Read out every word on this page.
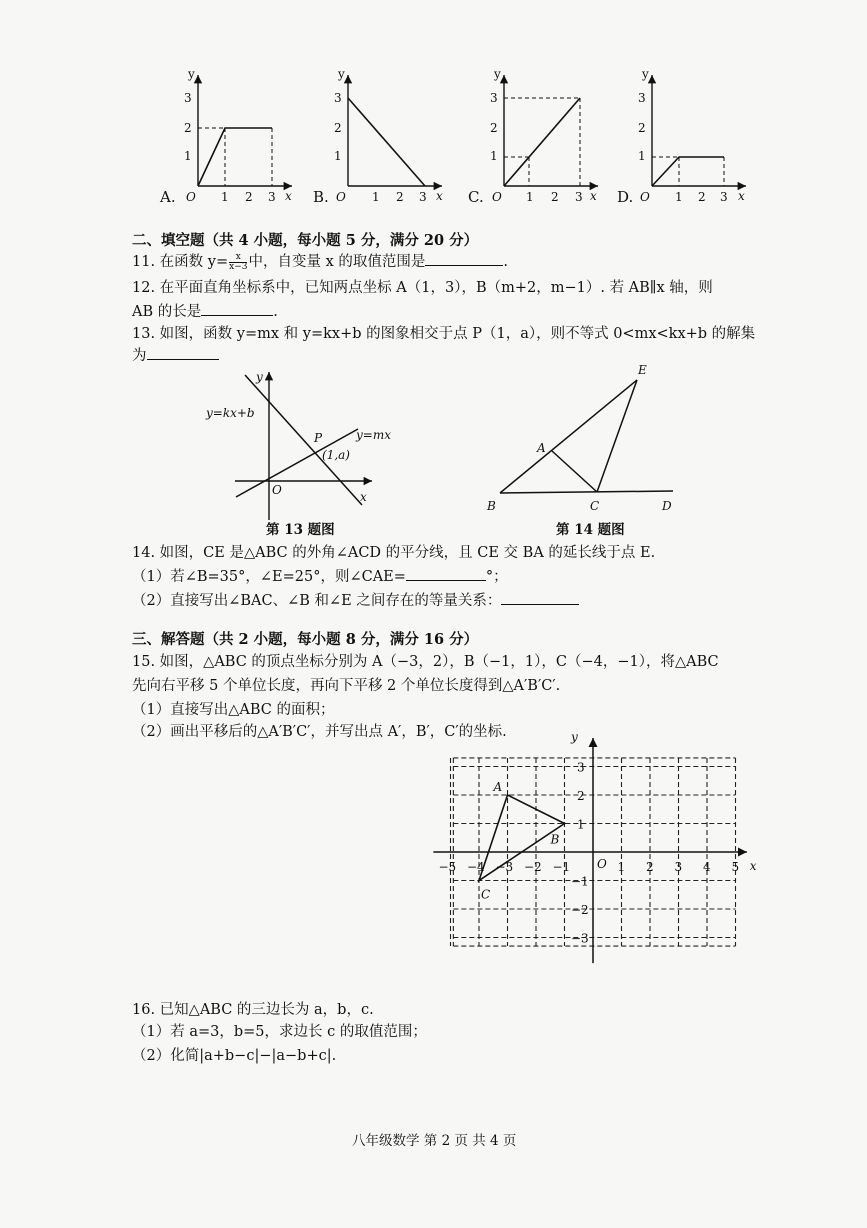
y
3
2
1
O 1 2 3 x
y
3
2
1
O 1 2 3 x
y
3
2
1
O 1 2 3 x
y
3
2
1
O 1 2 3 x
A.	B.	C.	D.
二、填空题（共 4 小题，每小题 5 分，满分 20 分）
11. 在函数 $y= \frac{x}{x-3}$ 中，自变量 x 的取值范围是	.
12. 在平面直角坐标系中，已知两点坐标 A（1，3），B（m+2，m−1）. 若 AB∥x 轴，则
AB 的长是	.
13. 如图，函数 y=mx 和 y=kx+b 的图象相交于点 P（1，a），则不等式 0<mx<kx+b 的解集
为
y
y=kx+b
y=mx
P
(1,a)
O	x
第 13 题图
E
A
B	C	D
第 14 题图
14. 如图，CE 是△ABC 的外角∠ACD 的平分线，且 CE 交 BA 的延长线于点 E.
（1）若∠B=35°，∠E=25°，则∠CAE=	°；
（2）直接写出∠BAC、∠B 和∠E 之间存在的等量关系：
三、解答题（共 2 小题，每小题 8 分，满分 16 分）
15. 如图，△ABC 的顶点坐标分别为 A（−3，2），B（−1，1），C（−4，−1），将△ABC
先向右平移 5 个单位长度，再向下平移 2 个单位长度得到△A′B′C′.
（1）直接写出△ABC 的面积；
（2）画出平移后的△A′B′C′，并写出点 A′，B′，C′的坐标.
−5 −4 −3 −2 −1	1 2 3 4 5
3
2
1
−1
−2
−3
O	x
y
A
B
C
16. 已知△ABC 的三边长为 a，b，c.
（1）若 a=3，b=5，求边长 c 的取值范围；
（2）化简|a+b−c|−|a−b+c|.
八年级数学 第 2 页 共 4 页
